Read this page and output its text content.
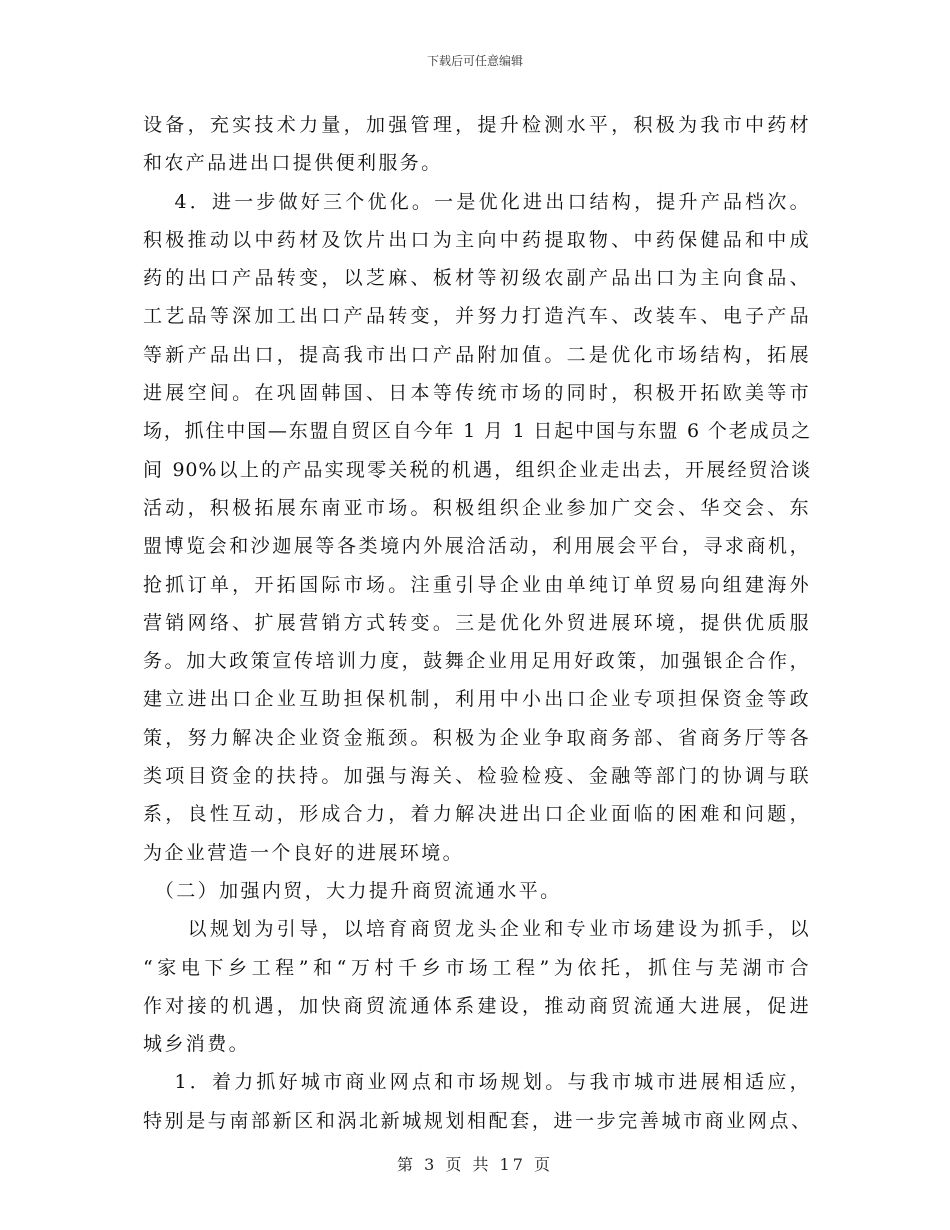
下载后可任意编辑
设备，充实技术力量，加强管理，提升检测水平，积极为我市中药材
和农产品进出口提供便利服务。
　 4．进一步做好三个优化。一是优化进出口结构，提升产品档次。
积极推动以中药材及饮片出口为主向中药提取物、中药保健品和中成
药的出口产品转变，以芝麻、板材等初级农副产品出口为主向食品、
工艺品等深加工出口产品转变，并努力打造汽车、改装车、电子产品
等新产品出口，提高我市出口产品附加值。二是优化市场结构，拓展
进展空间。在巩固韩国、日本等传统市场的同时，积极开拓欧美等市
场，抓住中国—东盟自贸区自今年 1 月 1 日起中国与东盟 6 个老成员之
间 90%以上的产品实现零关税的机遇，组织企业走出去，开展经贸洽谈
活动，积极拓展东南亚市场。积极组织企业参加广交会、华交会、东
盟博览会和沙迦展等各类境内外展洽活动，利用展会平台，寻求商机，
抢抓订单，开拓国际市场。注重引导企业由单纯订单贸易向组建海外
营销网络、扩展营销方式转变。三是优化外贸进展环境，提供优质服
务。加大政策宣传培训力度，鼓舞企业用足用好政策，加强银企合作，
建立进出口企业互助担保机制，利用中小出口企业专项担保资金等政
策，努力解决企业资金瓶颈。积极为企业争取商务部、省商务厅等各
类项目资金的扶持。加强与海关、检验检疫、金融等部门的协调与联
系，良性互动，形成合力，着力解决进出口企业面临的困难和问题，
为企业营造一个良好的进展环境。
　（二）加强内贸，大力提升商贸流通水平。
　　以规划为引导，以培育商贸龙头企业和专业市场建设为抓手，以
“家电下乡工程”和“万村千乡市场工程”为依托，抓住与芜湖市合
作对接的机遇，加快商贸流通体系建设，推动商贸流通大进展，促进
城乡消费。
　 1．着力抓好城市商业网点和市场规划。与我市城市进展相适应，
特别是与南部新区和涡北新城规划相配套，进一步完善城市商业网点、
第 3 页 共 17 页
